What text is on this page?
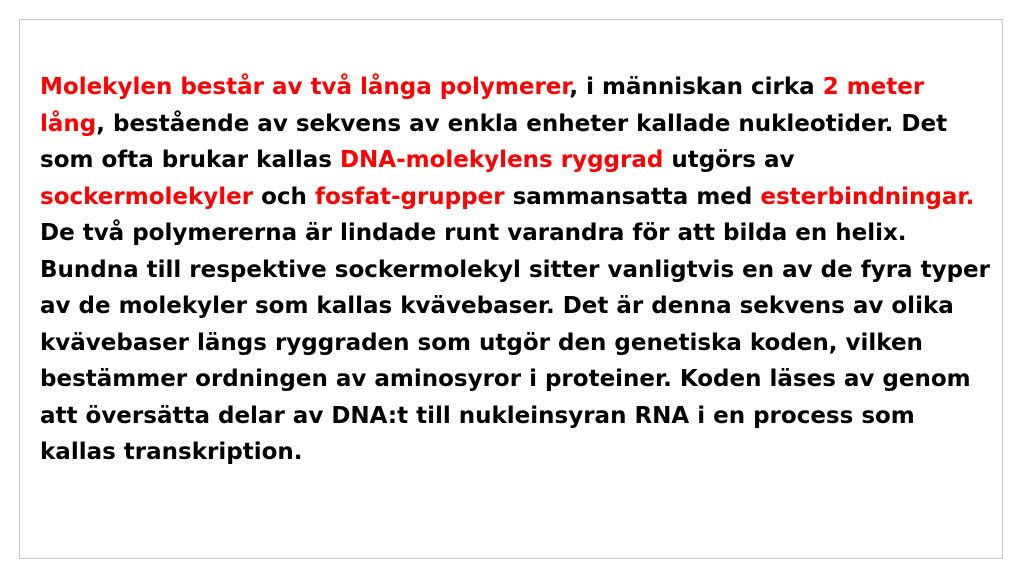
Molekylen består av två långa polymerer, i människan cirka 2 meter lång, bestående av sekvens av enkla enheter kallade nukleotider. Det som ofta brukar kallas DNA-molekylens ryggrad utgörs av sockermolekyler och fosfat-grupper sammansatta med esterbindningar. De två polymererna är lindade runt varandra för att bilda en helix. Bundna till respektive sockermolekyl sitter vanligtvis en av de fyra typer av de molekyler som kallas kvävebaser. Det är denna sekvens av olika kvävebaser längs ryggraden som utgör den genetiska koden, vilken bestämmer ordningen av aminosyror i proteiner. Koden läses av genom att översätta delar av DNA:t till nukleinsyran RNA i en process som kallas transkription.
